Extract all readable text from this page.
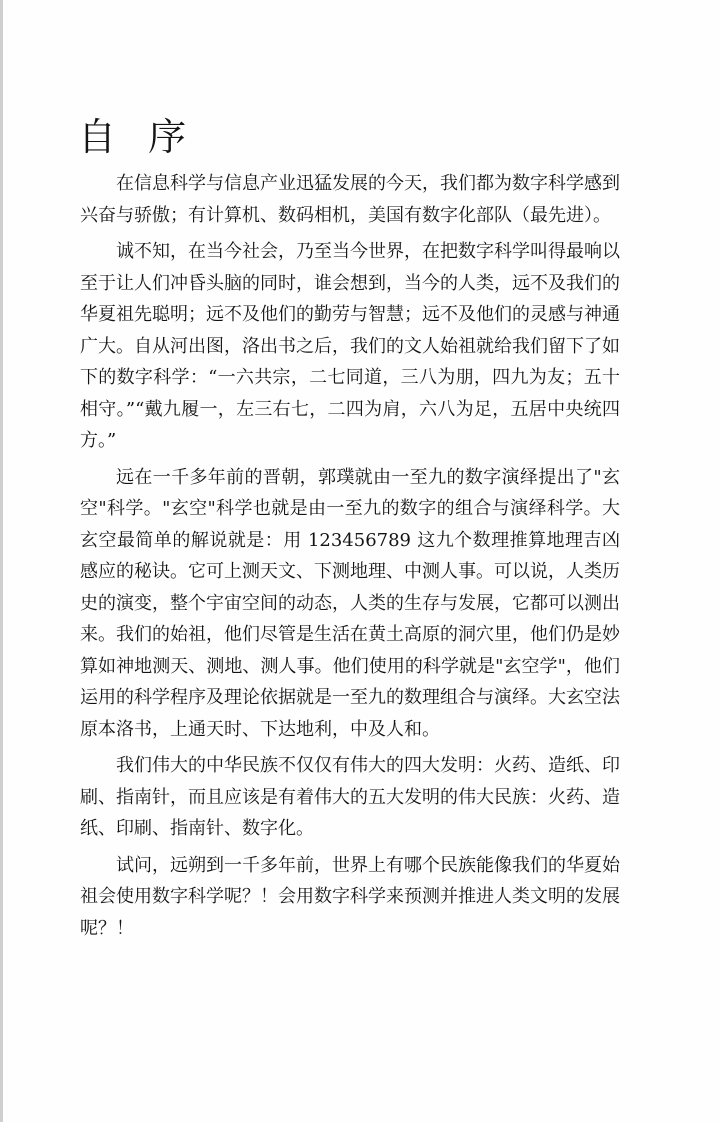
自 序

在信息科学与信息产业迅猛发展的今天，我们都为数字科学感到兴奋与骄傲；有计算机、数码相机，美国有数字化部队（最先进）。

诚不知，在当今社会，乃至当今世界，在把数字科学叫得最响以至于让人们冲昏头脑的同时，谁会想到，当今的人类，远不及我们的华夏祖先聪明；远不及他们的勤劳与智慧；远不及他们的灵感与神通广大。自从河出图，洛出书之后，我们的文人始祖就给我们留下了如下的数字科学：“一六共宗，二七同道，三八为朋，四九为友；五十相守。”“戴九履一，左三右七，二四为肩，六八为足，五居中央统四方。”

远在一千多年前的晋朝，郭璞就由一至九的数字演绎提出了"玄空"科学。"玄空"科学也就是由一至九的数字的组合与演绎科学。大玄空最简单的解说就是：用 123456789 这九个数理推算地理吉凶感应的秘诀。它可上测天文、下测地理、中测人事。可以说，人类历史的演变，整个宇宙空间的动态，人类的生存与发展，它都可以测出来。我们的始祖，他们尽管是生活在黄土高原的洞穴里，他们仍是妙算如神地测天、测地、测人事。他们使用的科学就是"玄空学"，他们运用的科学程序及理论依据就是一至九的数理组合与演绎。大玄空法原本洛书，上通天时、下达地利，中及人和。

我们伟大的中华民族不仅仅有伟大的四大发明：火药、造纸、印刷、指南针，而且应该是有着伟大的五大发明的伟大民族：火药、造纸、印刷、指南针、数字化。

试问，远朔到一千多年前，世界上有哪个民族能像我们的华夏始祖会使用数字科学呢？！会用数字科学来预测并推进人类文明的发展呢？！
